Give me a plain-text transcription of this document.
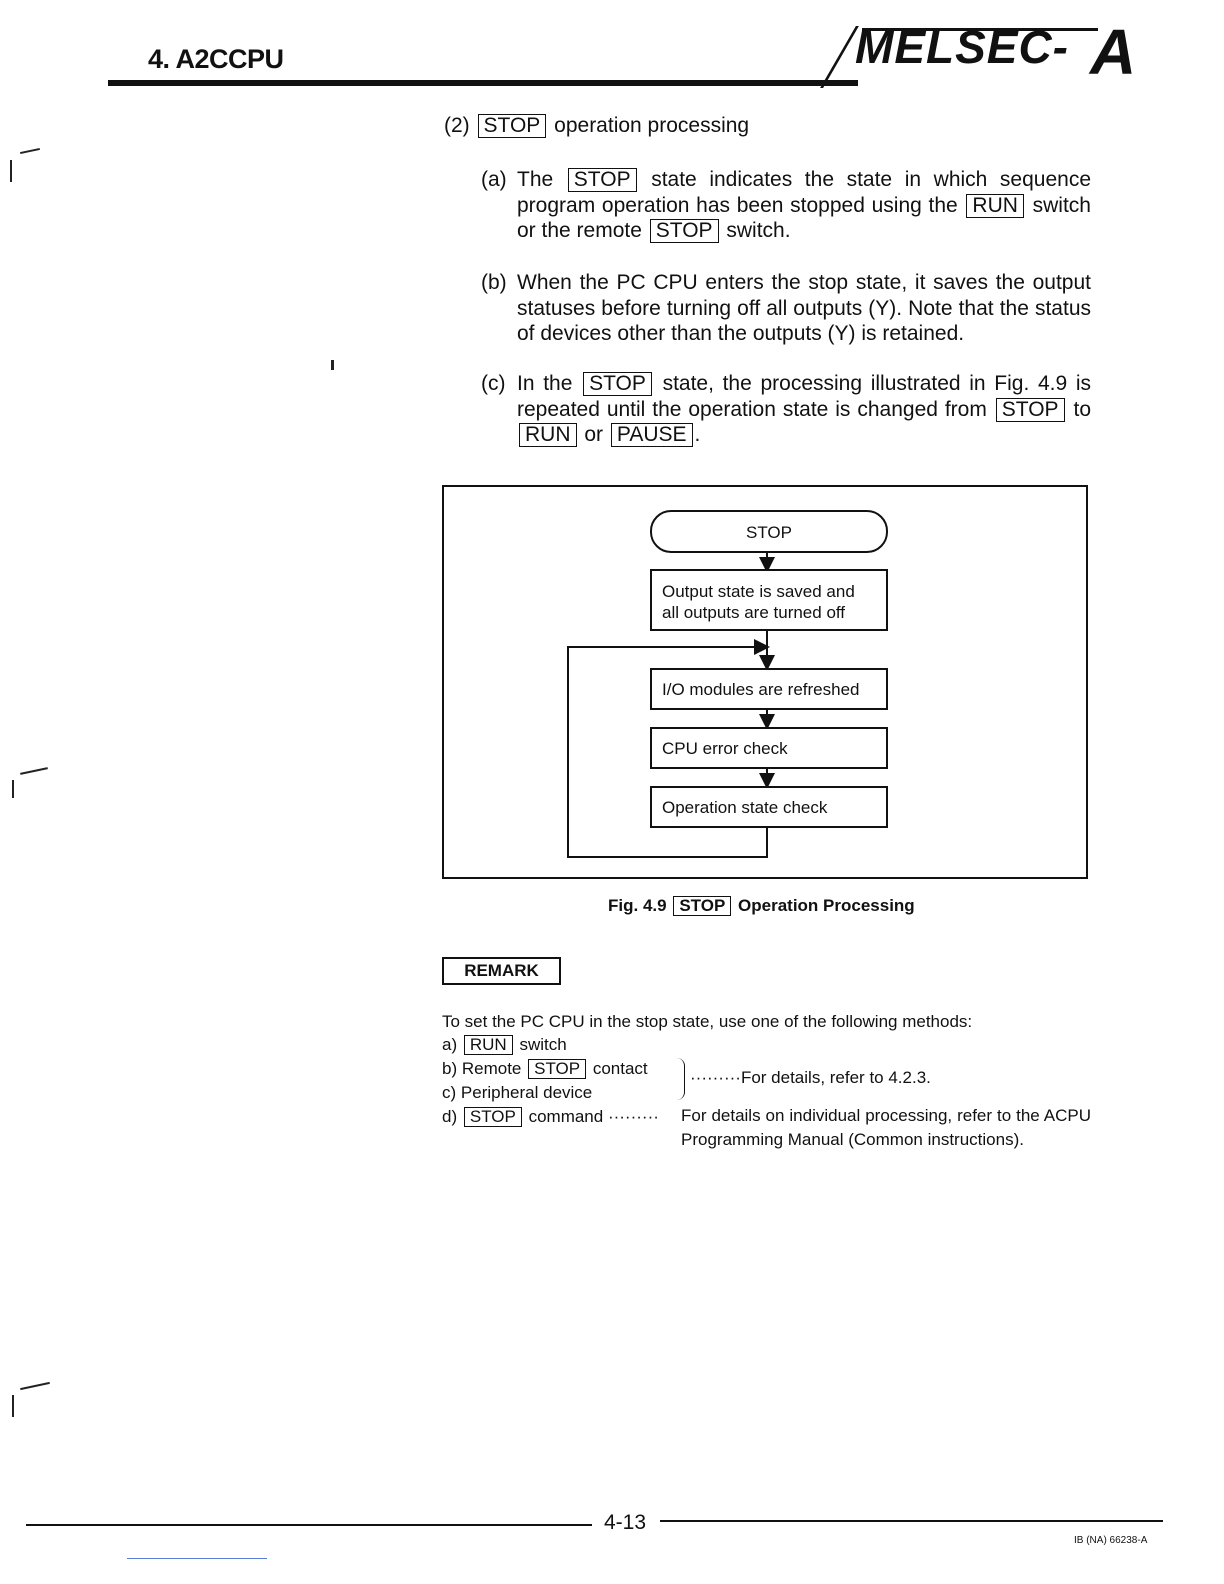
4. A2CCPU	MELSEC- A
(2) STOP operation processing
(a) The STOP state indicates the state in which sequence program operation has been stopped using the RUN switch or the remote STOP switch.

(b) When the PC CPU enters the stop state, it saves the output statuses before turning off all outputs (Y). Note that the status of devices other than the outputs (Y) is retained.

(c) In the STOP state, the processing illustrated in Fig. 4.9 is repeated until the operation state is changed from STOP to RUN or PAUSE .

STOP
Output state is saved and
all outputs are turned off
I/O modules are refreshed
CPU error check
Operation state check
Fig. 4.9 STOP Operation Processing
REMARK
To set the PC CPU in the stop state, use one of the following methods:
a) RUN switch
b) Remote STOP contact
c) Peripheral device
d) STOP command ·········
·········For details, refer to 4.2.3.
For details on individual processing, refer to the ACPU Programming Manual (Common instructions).
4-13
IB (NA) 66238-A
